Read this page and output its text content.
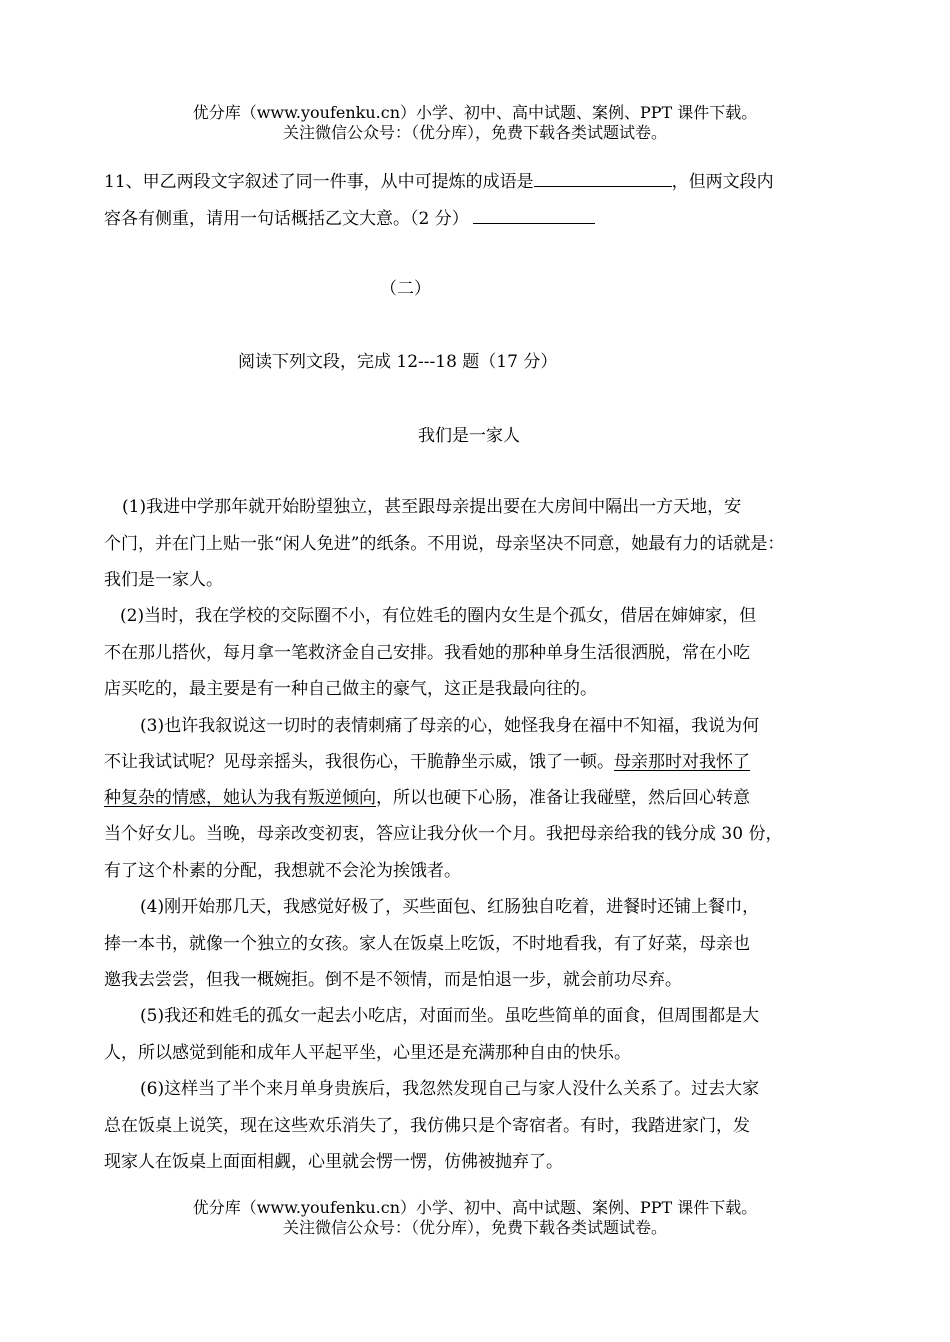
优分库（www.youfenku.cn）小学、初中、高中试题、案例、PPT 课件下载。
关注微信公众号：（优分库），免费下载各类试题试卷。
11、甲乙两段文字叙述了同一件事，从中可提炼的成语是	，但两文段内
容各有侧重，请用一句话概括乙文大意。（2 分）
（二）
阅读下列文段，完成 12---18 题（17 分）
我们是一家人
(1)我进中学那年就开始盼望独立，甚至跟母亲提出要在大房间中隔出一方天地，安
个门，并在门上贴一张“闲人免进”的纸条。不用说，母亲坚决不同意，她最有力的话就是：
我们是一家人。
(2)当时，我在学校的交际圈不小，有位姓毛的圈内女生是个孤女，借居在婶婶家，但
不在那儿搭伙，每月拿一笔救济金自己安排。我看她的那种单身生活很洒脱，常在小吃
店买吃的，最主要是有一种自己做主的豪气，这正是我最向往的。
(3)也许我叙说这一切时的表情刺痛了母亲的心，她怪我身在福中不知福，我说为何
不让我试试呢？见母亲摇头，我很伤心，干脆静坐示威，饿了一顿。母亲那时对我怀了
种复杂的情感，她认为我有叛逆倾向，所以也硬下心肠，准备让我碰壁，然后回心转意
当个好女儿。当晚，母亲改变初衷，答应让我分伙一个月。我把母亲给我的钱分成 30 份，
有了这个朴素的分配，我想就不会沦为挨饿者。
(4)刚开始那几天，我感觉好极了，买些面包、红肠独自吃着，进餐时还铺上餐巾，
捧一本书，就像一个独立的女孩。家人在饭桌上吃饭，不时地看我，有了好菜，母亲也
邀我去尝尝，但我一概婉拒。倒不是不领情，而是怕退一步，就会前功尽弃。
(5)我还和姓毛的孤女一起去小吃店，对面而坐。虽吃些简单的面食，但周围都是大
人，所以感觉到能和成年人平起平坐，心里还是充满那种自由的快乐。
(6)这样当了半个来月单身贵族后，我忽然发现自己与家人没什么关系了。过去大家
总在饭桌上说笑，现在这些欢乐消失了，我仿佛只是个寄宿者。有时，我踏进家门，发
现家人在饭桌上面面相觑，心里就会愣一愣，仿佛被抛弃了。
优分库（www.youfenku.cn）小学、初中、高中试题、案例、PPT 课件下载。
关注微信公众号：（优分库），免费下载各类试题试卷。
